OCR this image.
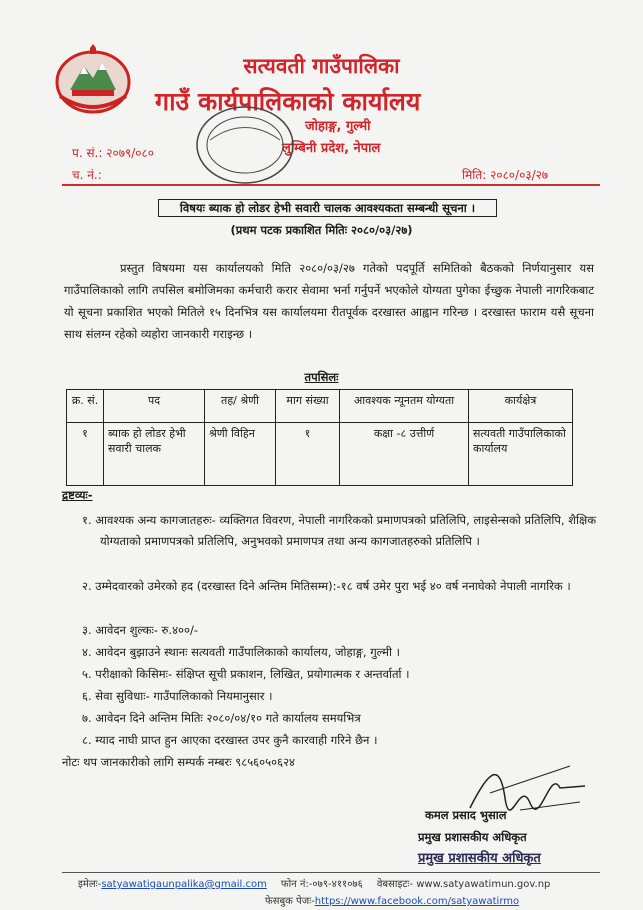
सत्यवती गाउँपालिका
गाउँ कार्यपालिकाको कार्यालय
जोहाङ्ग, गुल्मी
लुम्बिनी प्रदेश, नेपाल
प. सं.: २०७९/०८०
च. नं.:	मिति: २०८०/०३/२७
विषयः ब्याक हो लोडर हेभी सवारी चालक आवश्यकता सम्बन्धी सूचना ।
(प्रथम पटक प्रकाशित मितिः २०८०/०३/२७)
प्रस्तुत विषयमा यस कार्यालयको मिति २०८०/०३/२७ गतेको पदपूर्ति समितिको बैठकको निर्णयानुसार यस गाउँपालिकाको लागि तपसिल बमोजिमका कर्मचारी करार सेवामा भर्ना गर्नुपर्ने भएकोले योग्यता पुगेका ईच्छुक नेपाली नागरिकबाट यो सूचना प्रकाशित भएको मितिले १५ दिनभित्र यस कार्यालयमा रीतपूर्वक दरखास्त आह्वान गरिन्छ । दरखास्त फाराम यसै सूचना साथ संलग्न रहेको व्यहोरा जानकारी गराइन्छ ।
तपसिलः
क्र. सं.	पद	तह/ श्रेणी	माग संख्या	आवश्यक न्यूनतम योग्यता	कार्यक्षेत्र
१	ब्याक हो लोडर हेभी सवारी चालक	श्रेणी विहिन	१	कक्षा -८ उत्तीर्ण	सत्यवती गाउँपालिकाको कार्यालय
द्रष्टव्यः-
१. आवश्यक अन्य कागजातहरुः- व्यक्तिगत विवरण, नेपाली नागरिकको प्रमाणपत्रको प्रतिलिपि, लाइसेन्सको प्रतिलिपि, शैक्षिक योग्यताको प्रमाणपत्रको प्रतिलिपि, अनुभवको प्रमाणपत्र तथा अन्य कागजातहरुको प्रतिलिपि ।
२. उम्मेदवारको उमेरको हद (दरखास्त दिने अन्तिम मितिसम्म):-१८ वर्ष उमेर पुरा भई ४० वर्ष ननाघेको नेपाली नागरिक ।
३. आवेदन शुल्कः- रु.४००/-
४. आवेदन बुझाउने स्थानः सत्यवती गाउँपालिकाको कार्यालय, जोहाङ्ग, गुल्मी ।
५. परीक्षाको किसिमः- संक्षिप्त सूची प्रकाशन, लिखित, प्रयोगात्मक र अन्तर्वार्ता ।
६. सेवा सुविधाः- गाउँपालिकाको नियमानुसार ।
७. आवेदन दिने अन्तिम मितिः २०८०/०४/१० गते कार्यालय समयभित्र
८. म्याद नाघी प्राप्त हुन आएका दरखास्त उपर कुनै कारवाही गरिने छैन ।
नोटः थप जानकारीको लागि सम्पर्क नम्बरः ९८५६०५०६२४
कमल प्रसाद भुसाल
प्रमुख प्रशासकीय अधिकृत
प्रमुख प्रशासकीय अधिकृत
इमेलः-satyawatigaunpalika@gmail.com फोन नं:-०७९-४११०७६ वेबसाइटः- www.satyawatimun.gov.np
फेसबुक पेजः-https://www.facebook.com/satyawatirmo
